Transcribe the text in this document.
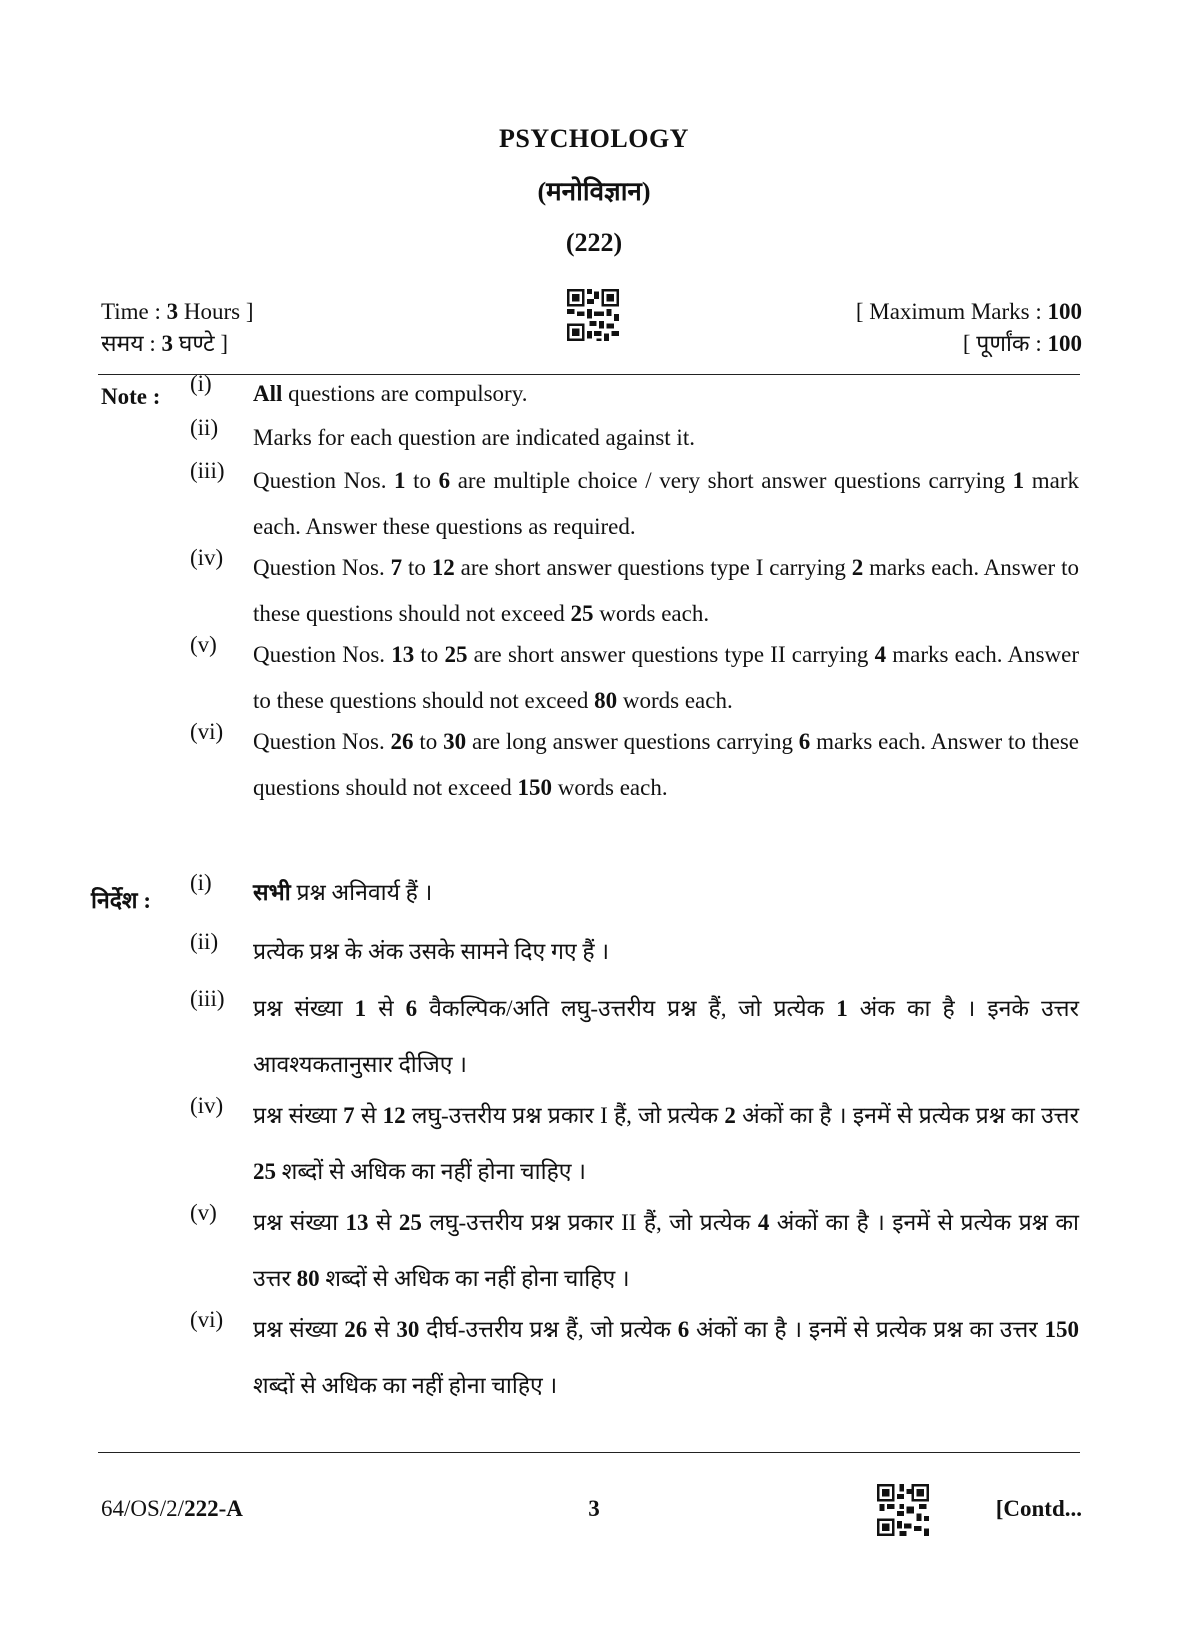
PSYCHOLOGY
(मनोविज्ञान)
(222)
Time : 3 Hours ]
समय : 3 घण्टे ]
[ Maximum Marks : 100
[ पूर्णांक : 100
Note :
(i) All questions are compulsory.
(ii) Marks for each question are indicated against it.
(iii) Question Nos. 1 to 6 are multiple choice / very short answer questions carrying 1 mark each. Answer these questions as required.
(iv) Question Nos. 7 to 12 are short answer questions type I carrying 2 marks each. Answer to these questions should not exceed 25 words each.
(v) Question Nos. 13 to 25 are short answer questions type II carrying 4 marks each. Answer to these questions should not exceed 80 words each.
(vi) Question Nos. 26 to 30 are long answer questions carrying 6 marks each. Answer to these questions should not exceed 150 words each.
निर्देश :
(i) सभी प्रश्न अनिवार्य हैं ।
(ii) प्रत्येक प्रश्न के अंक उसके सामने दिए गए हैं ।
(iii) प्रश्न संख्या 1 से 6 वैकल्पिक/अति लघु-उत्तरीय प्रश्न हैं, जो प्रत्येक 1 अंक का है । इनके उत्तर आवश्यकतानुसार दीजिए ।
(iv) प्रश्न संख्या 7 से 12 लघु-उत्तरीय प्रश्न प्रकार I हैं, जो प्रत्येक 2 अंकों का है । इनमें से प्रत्येक प्रश्न का उत्तर 25 शब्दों से अधिक का नहीं होना चाहिए ।
(v) प्रश्न संख्या 13 से 25 लघु-उत्तरीय प्रश्न प्रकार II हैं, जो प्रत्येक 4 अंकों का है । इनमें से प्रत्येक प्रश्न का उत्तर 80 शब्दों से अधिक का नहीं होना चाहिए ।
(vi) प्रश्न संख्या 26 से 30 दीर्घ-उत्तरीय प्रश्न हैं, जो प्रत्येक 6 अंकों का है । इनमें से प्रत्येक प्रश्न का उत्तर 150 शब्दों से अधिक का नहीं होना चाहिए ।
64/OS/2/222-A	3	[Contd...
